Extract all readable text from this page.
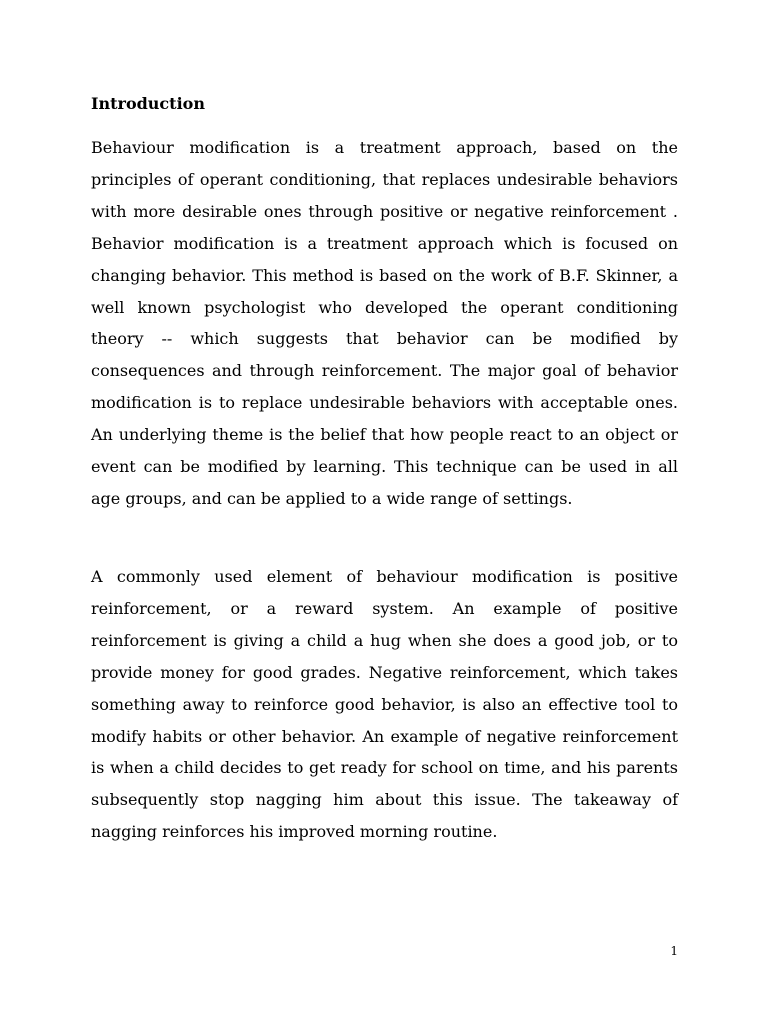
Introduction

Behaviour modification is a treatment approach, based on the principles of operant conditioning, that replaces undesirable behaviors with more desirable ones through positive or negative reinforcement . Behavior modification is a treatment approach which is focused on changing behavior. This method is based on the work of B.F. Skinner, a well known psychologist who developed the operant conditioning theory -- which suggests that behavior can be modified by consequences and through reinforcement. The major goal of behavior modification is to replace undesirable behaviors with acceptable ones. An underlying theme is the belief that how people react to an object or event can be modified by learning. This technique can be used in all age groups, and can be applied to a wide range of settings.

A commonly used element of behaviour modification is positive reinforcement, or a reward system. An example of positive reinforcement is giving a child a hug when she does a good job, or to provide money for good grades. Negative reinforcement, which takes something away to reinforce good behavior, is also an effective tool to modify habits or other behavior. An example of negative reinforcement is when a child decides to get ready for school on time, and his parents subsequently stop nagging him about this issue. The takeaway of nagging reinforces his improved morning routine.

1
